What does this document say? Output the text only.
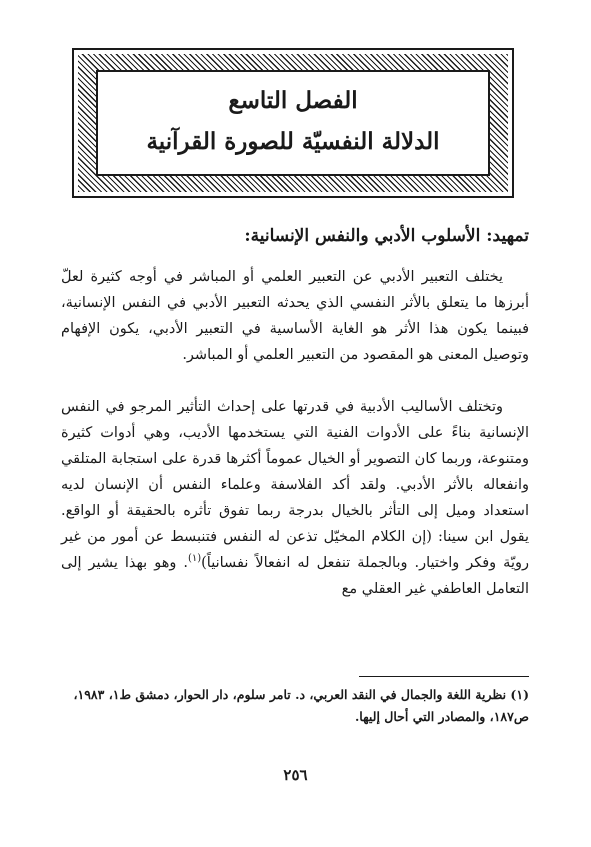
الفصل التاسع
الدلالة النفسيّة للصورة القرآنية
تمهيد: الأسلوب الأدبي والنفس الإنسانية:
يختلف التعبير الأدبي عن التعبير العلمي أو المباشر في أوجه كثيرة لعلّ أبرزها ما يتعلق بالأثر النفسي الذي يحدثه التعبير الأدبي في النفس الإنسانية، فبينما يكون هذا الأثر هو الغاية الأساسية في التعبير الأدبي، يكون الإفهام وتوصيل المعنى هو المقصود من التعبير العلمي أو المباشر.
وتختلف الأساليب الأدبية في قدرتها على إحداث التأثير المرجو في النفس الإنسانية بناءً على الأدوات الفنية التي يستخدمها الأديب، وهي أدوات كثيرة ومتنوعة، وربما كان التصوير أو الخيال عموماً أكثرها قدرة على استجابة المتلقي وانفعاله بالأثر الأدبي. ولقد أكد الفلاسفة وعلماء النفس أن الإنسان لديه استعداد وميل إلى التأثر بالخيال بدرجة ربما تفوق تأثره بالحقيقة أو الواقع. يقول ابن سينا: (إن الكلام المخيّل تذعن له النفس فتنبسط عن أمور من غير رويّة وفكر واختيار. وبالجملة تنفعل له انفعالاً نفسانياً)$^{(١)}$. وهو بهذا يشير إلى التعامل العاطفي غير العقلي مع
(١) نظرية اللغة والجمال في النقد العربي، د. تامر سلوم، دار الحوار، دمشق ط١، ١٩٨٣، ص١٨٧، والمصادر التي أحال إليها.
٢٥٦
